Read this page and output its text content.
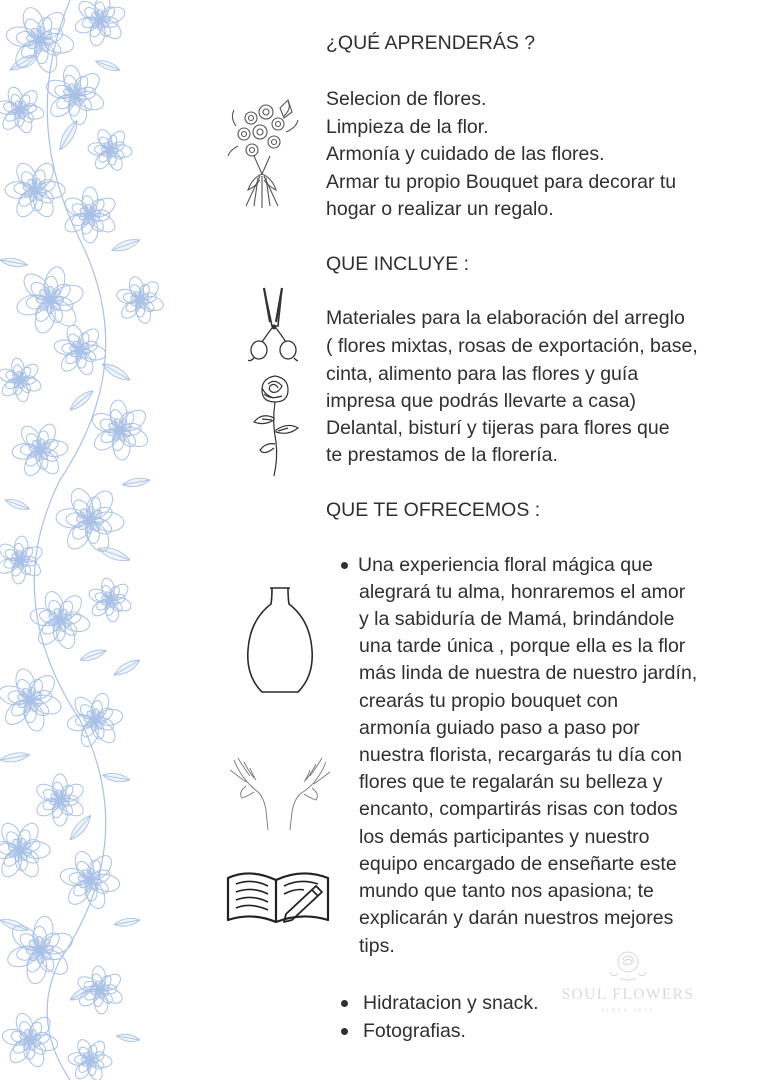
¿QUÉ APRENDERÁS ?
Selecion de flores.
Limpieza de la flor.
Armonía y cuidado de las flores.
Armar tu propio Bouquet para decorar tu
hogar o realizar un regalo.
QUE INCLUYE :
Materiales para la elaboración del arreglo
( flores mixtas, rosas de exportación, base,
cinta, alimento para las flores y guía
impresa que podrás llevarte a casa)
Delantal, bisturí y tijeras para flores que
te prestamos de la florería.
QUE TE OFRECEMOS :
Una experiencia floral mágica que
alegrará tu alma, honraremos el amor
y la sabiduría de Mamá, brindándole
una tarde única , porque ella es la flor
más linda de nuestra de nuestro jardín,
crearás tu propio bouquet con
armonía guiado paso a paso por
nuestra florista, recargarás tu día con
flores que te regalarán su belleza y
encanto, compartirás risas con todos
los demás participantes y nuestro
equipo encargado de enseñarte este
mundo que tanto nos apasiona; te
explicarán y darán nuestros mejores
tips.
Hidratacion y snack.
Fotografias.
SOUL FLOWERS
SINCE 2016
